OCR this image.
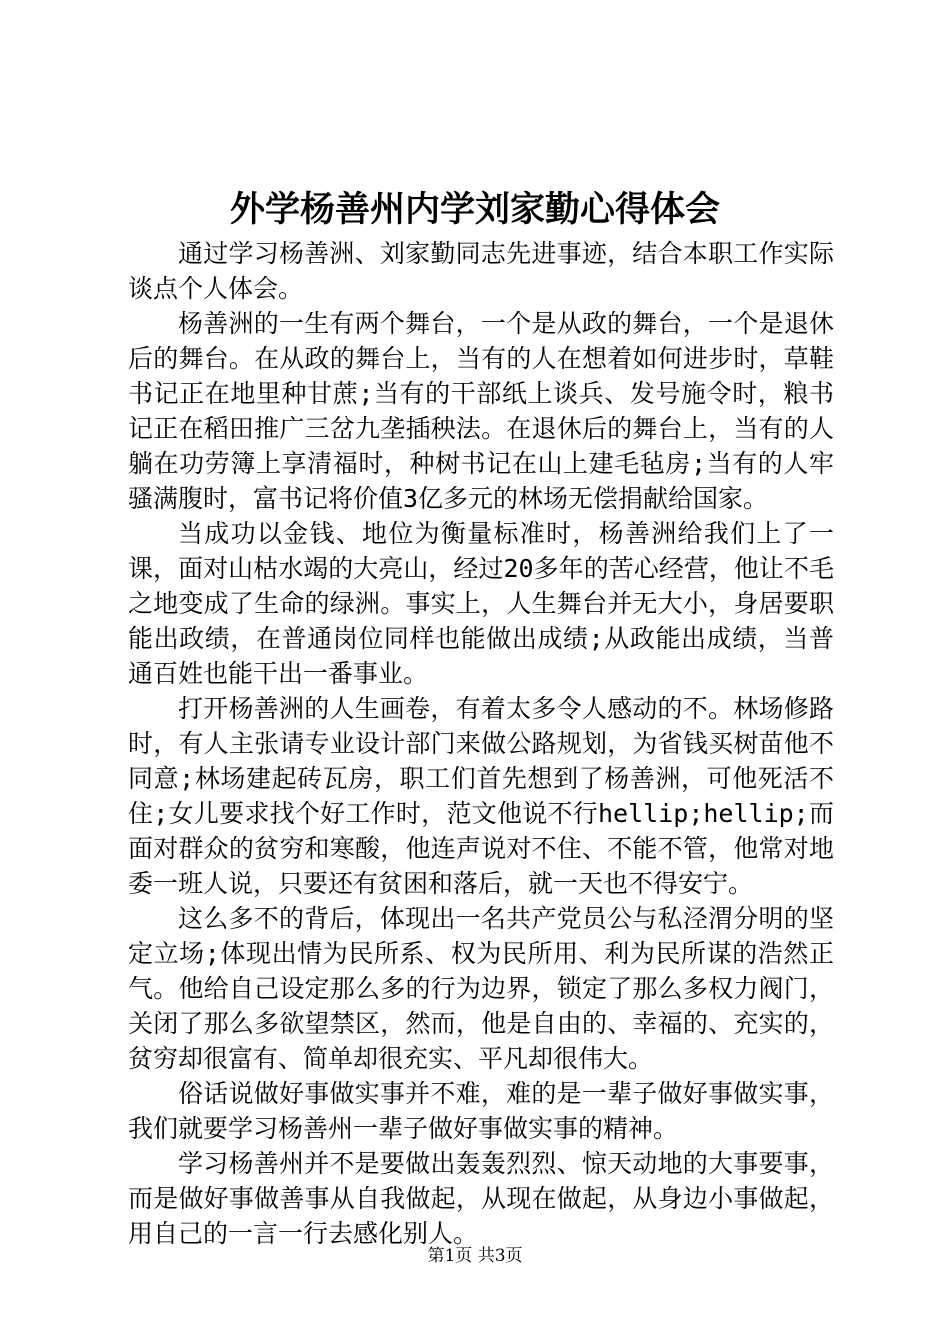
外学杨善州内学刘家勤心得体会

通过学习杨善洲、刘家勤同志先进事迹，结合本职工作实际谈点个人体会。

杨善洲的一生有两个舞台，一个是从政的舞台，一个是退休后的舞台。在从政的舞台上，当有的人在想着如何进步时，草鞋书记正在地里种甘蔗;当有的干部纸上谈兵、发号施令时，粮书记正在稻田推广三岔九垄插秧法。在退休后的舞台上，当有的人躺在功劳簿上享清福时，种树书记在山上建毛毡房;当有的人牢骚满腹时，富书记将价值3亿多元的林场无偿捐献给国家。

当成功以金钱、地位为衡量标准时，杨善洲给我们上了一课，面对山枯水竭的大亮山，经过20多年的苦心经营，他让不毛之地变成了生命的绿洲。事实上，人生舞台并无大小，身居要职能出政绩，在普通岗位同样也能做出成绩;从政能出成绩，当普通百姓也能干出一番事业。

打开杨善洲的人生画卷，有着太多令人感动的不。林场修路时，有人主张请专业设计部门来做公路规划，为省钱买树苗他不同意;林场建起砖瓦房，职工们首先想到了杨善洲，可他死活不住;女儿要求找个好工作时，范文他说不行hellip;hellip;而面对群众的贫穷和寒酸，他连声说对不住、不能不管，他常对地委一班人说，只要还有贫困和落后，就一天也不得安宁。

这么多不的背后，体现出一名共产党员公与私泾渭分明的坚定立场;体现出情为民所系、权为民所用、利为民所谋的浩然正气。他给自己设定那么多的行为边界，锁定了那么多权力阀门，关闭了那么多欲望禁区，然而，他是自由的、幸福的、充实的，贫穷却很富有、简单却很充实、平凡却很伟大。

俗话说做好事做实事并不难，难的是一辈子做好事做实事，我们就要学习杨善州一辈子做好事做实事的精神。

学习杨善州并不是要做出轰轰烈烈、惊天动地的大事要事，而是做好事做善事从自我做起，从现在做起，从身边小事做起，用自己的一言一行去感化别人。

第1页 共3页
